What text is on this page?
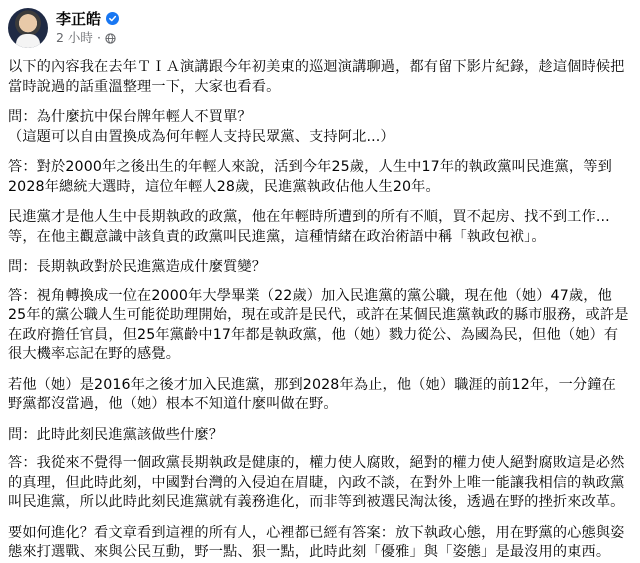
李正皓
2 小時 ·

以下的內容我在去年ＴＩＡ演講跟今年初美東的巡迴演講聊過，都有留下影片紀錄，趁這個時候把當時說過的話重溫整理一下，大家也看看。

問：為什麼抗中保台牌年輕人不買單？
（這題可以自由置換成為何年輕人支持民眾黨、支持阿北...）

答：對於2000年之後出生的年輕人來說，活到今年25歲，人生中17年的執政黨叫民進黨，等到2028年總統大選時，這位年輕人28歲，民進黨執政佔他人生20年。

民進黨才是他人生中長期執政的政黨，他在年輕時所遭到的所有不順，買不起房、找不到工作...等，在他主觀意識中該負責的政黨叫民進黨，這種情緒在政治術語中稱「執政包袱」。

問：長期執政對於民進黨造成什麼質變？

答：視角轉換成一位在2000年大學畢業（22歲）加入民進黨的黨公職，現在他（她）47歲，他25年的黨公職人生可能從助理開始，現在或許是民代，或許在某個民進黨執政的縣市服務，或許是在政府擔任官員，但25年黨齡中17年都是執政黨，他（她）戮力從公、為國為民，但他（她）有很大機率忘記在野的感覺。

若他（她）是2016年之後才加入民進黨，那到2028年為止，他（她）職涯的前12年，一分鐘在野黨都沒當過，他（她）根本不知道什麼叫做在野。

問：此時此刻民進黨該做些什麼？

答：我從來不覺得一個政黨長期執政是健康的，權力使人腐敗，絕對的權力使人絕對腐敗這是必然的真理，但此時此刻，中國對台灣的入侵迫在眉睫，內政不談，在對外上唯一能讓我相信的執政黨叫民進黨，所以此時此刻民進黨就有義務進化，而非等到被選民淘汰後，透過在野的挫折來改革。

要如何進化？看文章看到這裡的所有人，心裡都已經有答案：放下執政心態，用在野黨的心態與姿態來打選戰、來與公民互動，野一點、狠一點，此時此刻「優雅」與「姿態」是最沒用的東西。
